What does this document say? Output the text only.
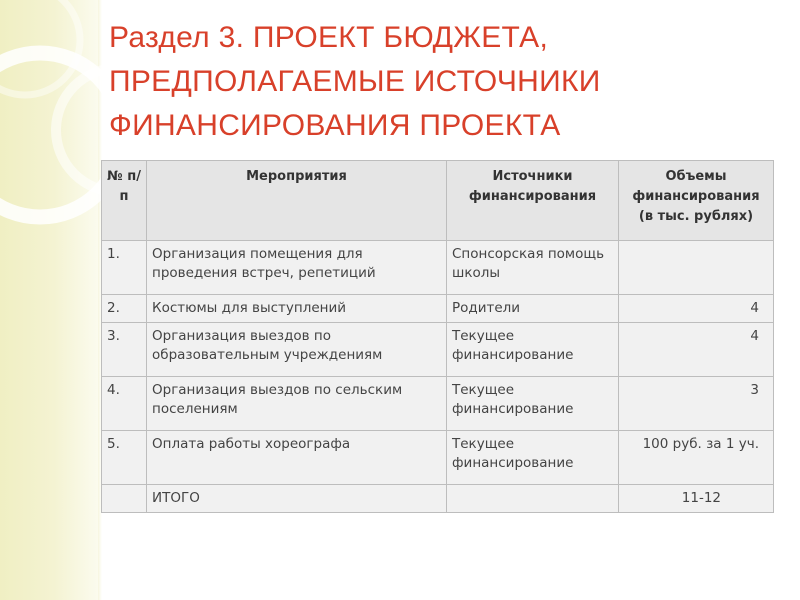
Раздел 3. ПРОЕКТ БЮДЖЕТА, ПРЕДПОЛАГАЕМЫЕ ИСТОЧНИКИ ФИНАНСИРОВАНИЯ ПРОЕКТА
№ п/п	Мероприятия	Источники финансирования	Объемы финансирования (в тыс. рублях)
1.	Организация помещения для проведения встреч, репетиций	Спонсорская помощь школы	
2.	Костюмы для выступлений	Родители	4
3.	Организация выездов по образовательным учреждениям	Текущее финансирование	4
4.	Организация выездов по сельским поселениям	Текущее финансирование	3
5.	Оплата работы хореографа	Текущее финансирование	100 руб. за 1 уч.
	ИТОГО		11-12
